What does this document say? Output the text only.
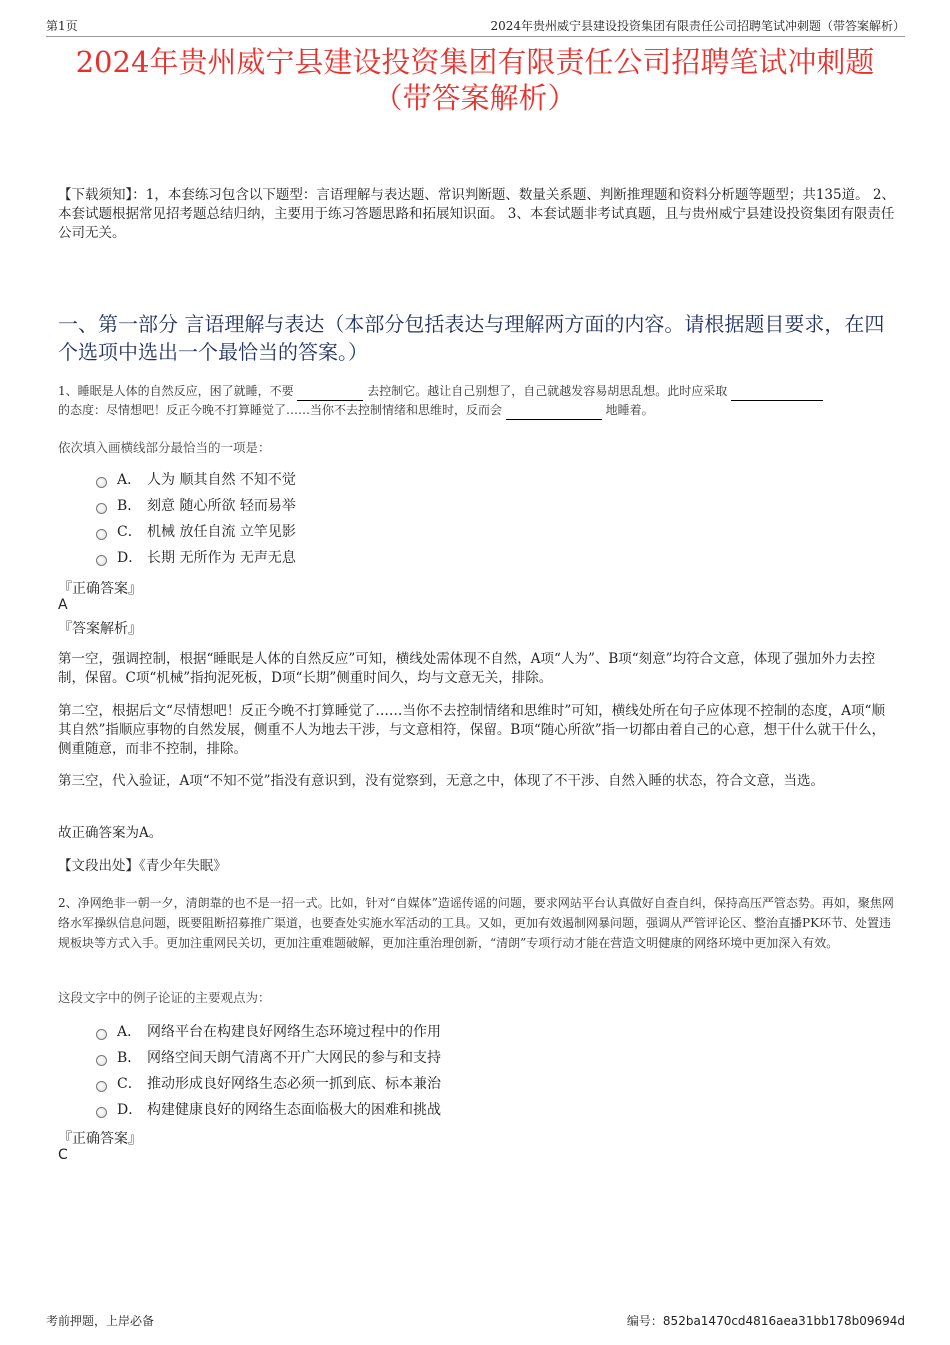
第1页	2024年贵州威宁县建设投资集团有限责任公司招聘笔试冲刺题（带答案解析）
2024年贵州威宁县建设投资集团有限责任公司招聘笔试冲刺题
（带答案解析）
【下载须知】：1，本套练习包含以下题型：言语理解与表达题、常识判断题、数量关系题、判断推理题和资料分析题等题型；共135道。 2、本套试题根据常见招考题总结归纳，主要用于练习答题思路和拓展知识面。 3、本套试题非考试真题，且与贵州威宁县建设投资集团有限责任公司无关。
一、第一部分 言语理解与表达（本部分包括表达与理解两方面的内容。请根据题目要求，在四个选项中选出一个最恰当的答案。）
1、睡眠是人体的自然反应，困了就睡，不要	去控制它。越让自己别想了，自己就越发容易胡思乱想。此时应采取
的态度：尽情想吧！反正今晚不打算睡觉了……当你不去控制情绪和思维时，反而会	地睡着。
依次填入画横线部分最恰当的一项是：
A． 人为 顺其自然 不知不觉
B． 刻意 随心所欲 轻而易举
C． 机械 放任自流 立竿见影
D． 长期 无所作为 无声无息
『正确答案』
A
『答案解析』
第一空，强调控制，根据“睡眠是人体的自然反应”可知，横线处需体现不自然，A项“人为”、B项“刻意”均符合文意，体现了强加外力去控制，保留。C项“机械”指拘泥死板，D项“长期”侧重时间久，均与文意无关，排除。
第二空，根据后文“尽情想吧！反正今晚不打算睡觉了……当你不去控制情绪和思维时”可知，横线处所在句子应体现不控制的态度，A项“顺其自然”指顺应事物的自然发展，侧重不人为地去干涉，与文意相符，保留。B项“随心所欲”指一切都由着自己的心意，想干什么就干什么，侧重随意，而非不控制，排除。
第三空，代入验证，A项“不知不觉”指没有意识到，没有觉察到，无意之中，体现了不干涉、自然入睡的状态，符合文意，当选。
故正确答案为A。
【文段出处】《青少年失眠》
2、净网绝非一朝一夕，清朗靠的也不是一招一式。比如，针对“自媒体”造谣传谣的问题，要求网站平台认真做好自查自纠，保持高压严管态势。再如，聚焦网络水军操纵信息问题，既要阻断招募推广渠道，也要查处实施水军活动的工具。又如，更加有效遏制网暴问题，强调从严管评论区、整治直播PK环节、处置违规板块等方式入手。更加注重网民关切，更加注重难题破解，更加注重治理创新，“清朗”专项行动才能在营造文明健康的网络环境中更加深入有效。
这段文字中的例子论证的主要观点为：
A． 网络平台在构建良好网络生态环境过程中的作用
B． 网络空间天朗气清离不开广大网民的参与和支持
C． 推动形成良好网络生态必须一抓到底、标本兼治
D． 构建健康良好的网络生态面临极大的困难和挑战
『正确答案』
C
考前押题，上岸必备	编号：852ba1470cd4816aea31bb178b09694d
